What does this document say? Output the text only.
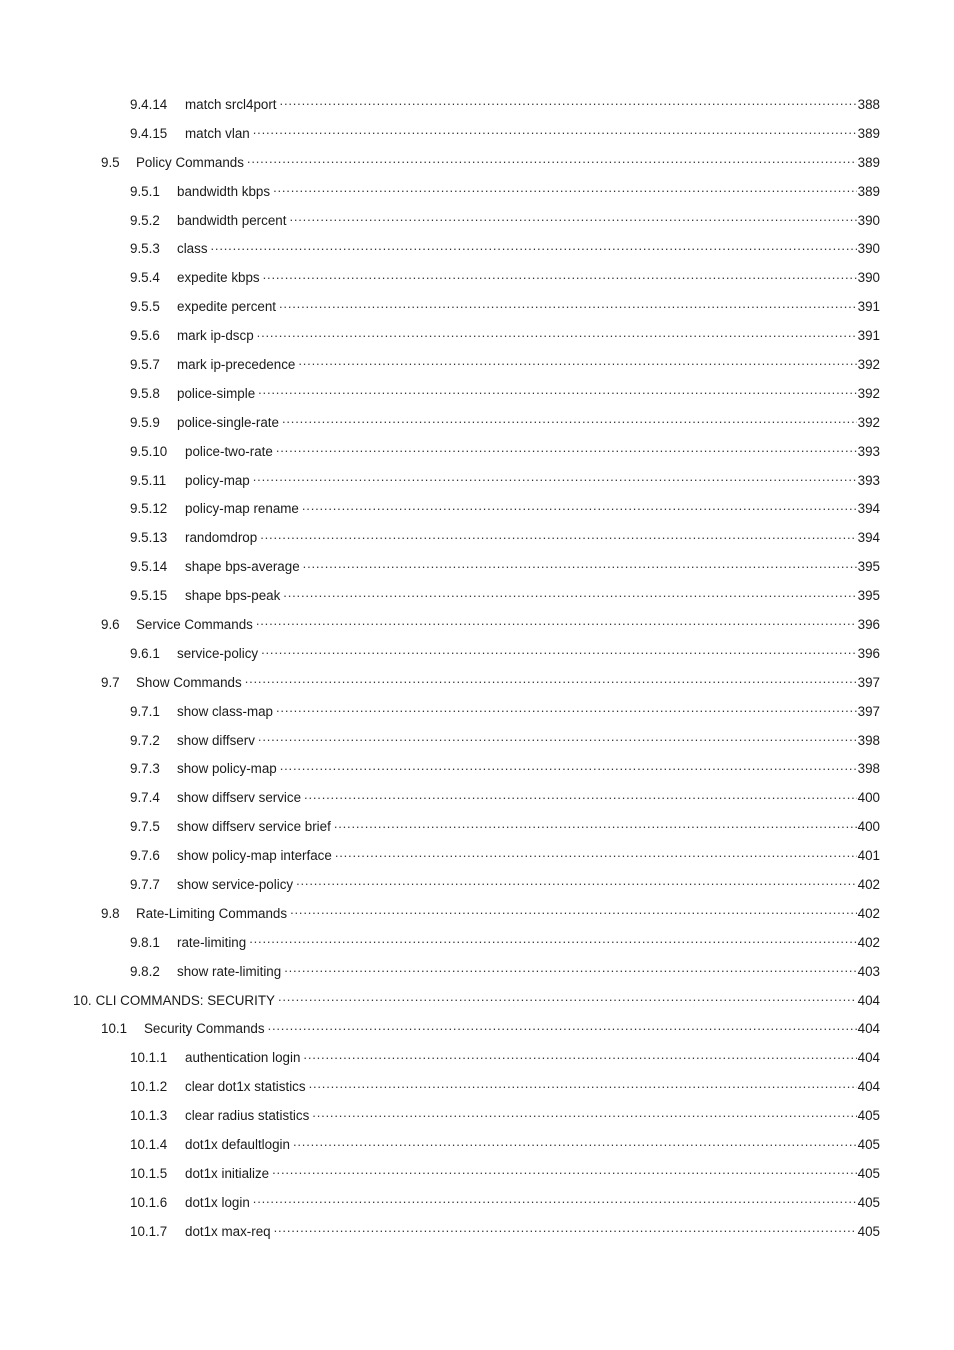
9.4.14	match srcl4port .....	388
9.4.15	match vlan .....	389
9.5	Policy Commands .....	389
9.5.1	bandwidth kbps .....	389
9.5.2	bandwidth percent .....	390
9.5.3	class .....	390
9.5.4	expedite kbps .....	390
9.5.5	expedite percent .....	391
9.5.6	mark ip-dscp .....	391
9.5.7	mark ip-precedence .....	392
9.5.8	police-simple .....	392
9.5.9	police-single-rate .....	392
9.5.10	police-two-rate .....	393
9.5.11	policy-map .....	393
9.5.12	policy-map rename .....	394
9.5.13	randomdrop .....	394
9.5.14	shape bps-average .....	395
9.5.15	shape bps-peak .....	395
9.6	Service Commands .....	396
9.6.1	service-policy .....	396
9.7	Show Commands .....	397
9.7.1	show class-map .....	397
9.7.2	show diffserv .....	398
9.7.3	show policy-map .....	398
9.7.4	show diffserv service .....	400
9.7.5	show diffserv service brief .....	400
9.7.6	show policy-map interface .....	401
9.7.7	show service-policy .....	402
9.8	Rate-Limiting Commands .....	402
9.8.1	rate-limiting .....	402
9.8.2	show rate-limiting .....	403
10. CLI COMMANDS: SECURITY .....	404
10.1	Security Commands .....	404
10.1.1	authentication login .....	404
10.1.2	clear dot1x statistics .....	404
10.1.3	clear radius statistics .....	405
10.1.4	dot1x defaultlogin .....	405
10.1.5	dot1x initialize .....	405
10.1.6	dot1x login .....	405
10.1.7	dot1x max-req .....	405
